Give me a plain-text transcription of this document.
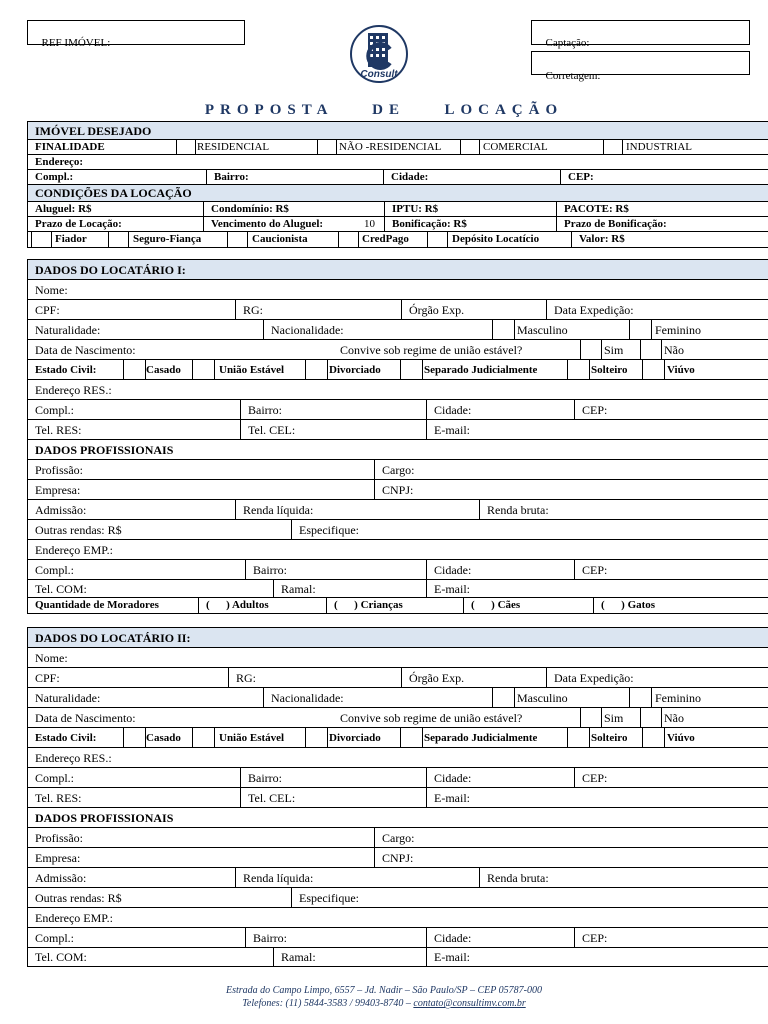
REF IMÓVEL:	Captação:

Corretagem:

Consult
PROPOSTA  DE  LOCAÇÃO
IMÓVEL DESEJADO
FINALIDADE	RESIDENCIAL	NÃO -RESIDENCIAL	COMERCIAL	INDUSTRIAL
Endereço:
Compl.:	Bairro:	Cidade:	CEP:
CONDIÇÕES DA LOCAÇÃO
Aluguel: R$	Condomínio: R$	IPTU: R$	PACOTE: R$
Prazo de Locação:	Vencimento do Aluguel:	10	Bonificação: R$	Prazo de Bonificação:
Fiador	Seguro-Fiança	Caucionista	CredPago	Depósito Locatício	Valor: R$
DADOS DO LOCATÁRIO I:
Nome:
CPF:	RG:	Órgão Exp.	Data Expedição:
Naturalidade:	Nacionalidade:	Masculino	Feminino
Data de Nascimento:	Convive sob regime de união estável?	Sim	Não
Estado Civil:	Casado	União Estável	Divorciado	Separado Judicialmente	Solteiro	Viúvo
Endereço RES.:
Compl.:	Bairro:	Cidade:	CEP:
Tel. RES:	Tel. CEL:	E-mail:
DADOS PROFISSIONAIS
Profissão:	Cargo:
Empresa:	CNPJ:
Admissão:	Renda líquida:	Renda bruta:
Outras rendas: R$	Especifique:
Endereço EMP.:
Compl.:	Bairro:	Cidade:	CEP:
Tel. COM:	Ramal:	E-mail:
Quantidade de Moradores	(      ) Adultos	(      ) Crianças	(      ) Cães	(      ) Gatos
DADOS DO LOCATÁRIO II:
Nome:
CPF:	RG:	Órgão Exp.	Data Expedição:
Naturalidade:	Nacionalidade:	Masculino	Feminino
Data de Nascimento:	Convive sob regime de união estável?	Sim	Não
Estado Civil:	Casado	União Estável	Divorciado	Separado Judicialmente	Solteiro	Viúvo
Endereço RES.:
Compl.:	Bairro:	Cidade:	CEP:
Tel. RES:	Tel. CEL:	E-mail:
DADOS PROFISSIONAIS
Profissão:	Cargo:
Empresa:	CNPJ:
Admissão:	Renda líquida:	Renda bruta:
Outras rendas: R$	Especifique:
Endereço EMP.:
Compl.:	Bairro:	Cidade:	CEP:
Tel. COM:	Ramal:	E-mail:
Estrada do Campo Limpo, 6557 – Jd. Nadir – São Paulo/SP – CEP 05787-000
Telefones: (11) 5844-3583 / 99403-8740 – contato@consultimv.com.br
